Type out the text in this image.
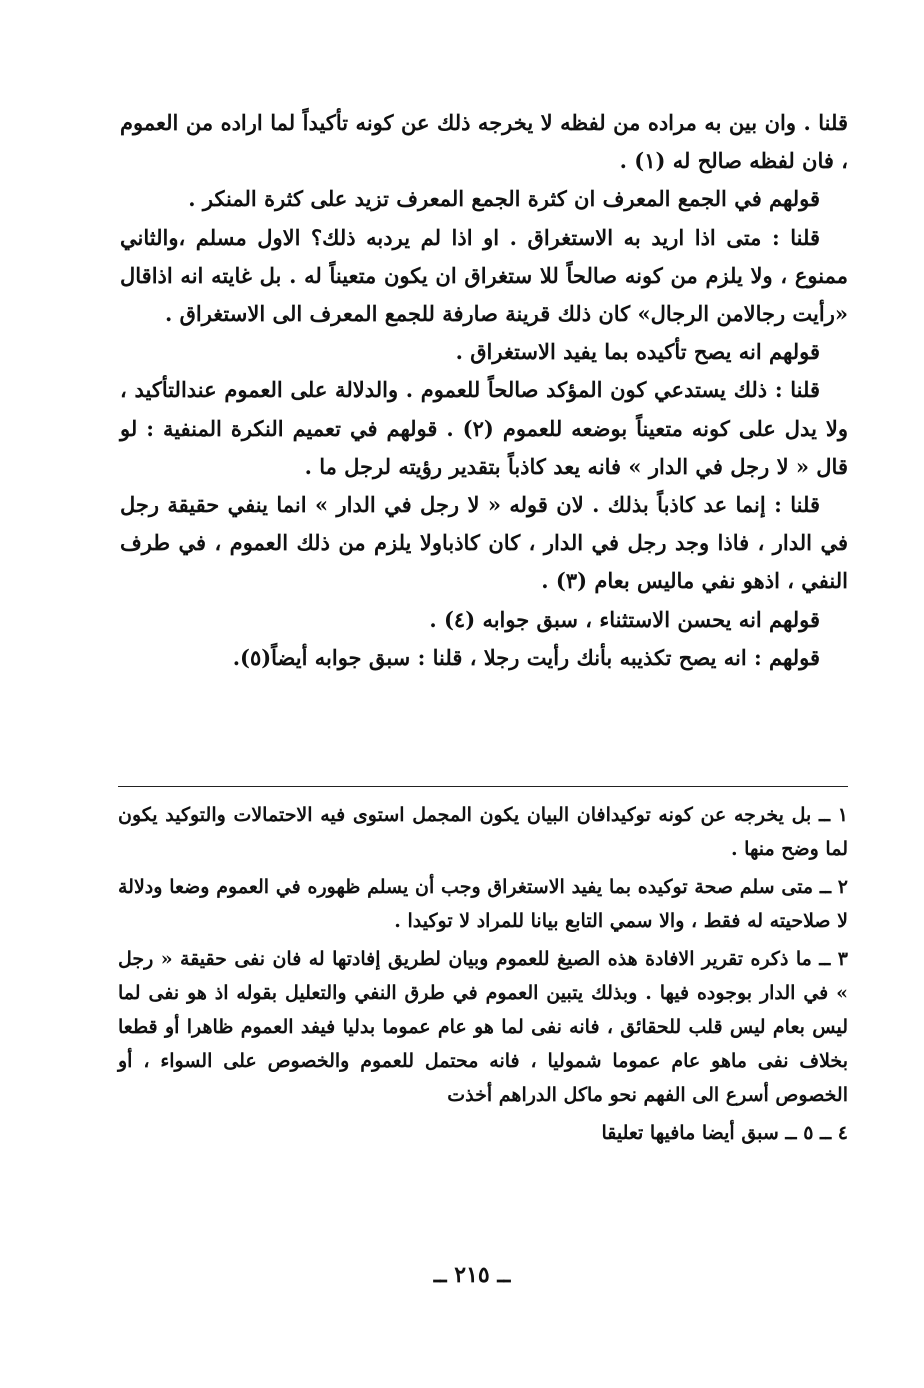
قلنا . وان بين به مراده من لفظه لا يخرجه ذلك عن كونه تأكيداً لما اراده من العموم ، فان لفظه صالح له (١) .

قولهم في الجمع المعرف ان كثرة الجمع المعرف تزيد على كثرة المنكر .

قلنا : متى اذا اريد به الاستغراق . او اذا لم يردبه ذلك؟ الاول مسلم ،والثاني ممنوع ، ولا يلزم من كونه صالحاً للا ستغراق ان يكون متعيناً له . بل غايته انه اذاقال «رأيت رجالامن الرجال» كان ذلك قرينة صارفة للجمع المعرف الى الاستغراق .

قولهم انه يصح تأكيده بما يفيد الاستغراق .

قلنا : ذلك يستدعي كون المؤكد صالحاً للعموم . والدلالة على العموم عندالتأكيد ، ولا يدل على كونه متعيناً بوضعه للعموم (٢) . قولهم في تعميم النكرة المنفية : لو قال « لا رجل في الدار » فانه يعد كاذباً بتقدير رؤيته لرجل ما .

قلنا : إنما عد كاذباً بذلك . لان قوله « لا رجل في الدار » انما ينفي حقيقة رجل في الدار ، فاذا وجد رجل في الدار ، كان كاذباولا يلزم من ذلك العموم ، في طرف النفي ، اذهو نفي ماليس بعام (٣) .

قولهم انه يحسن الاستثناء ، سبق جوابه (٤) .

قولهم : انه يصح تكذيبه بأنك رأيت رجلا ، قلنا : سبق جوابه أيضاً(٥).

١ ــ بل يخرجه عن كونه توكيدافان البيان يكون المجمل استوى فيه الاحتمالات والتوكيد يكون لما وضح منها .

٢ ــ متى سلم صحة توكيده بما يفيد الاستغراق وجب أن يسلم ظهوره في العموم وضعا ودلالة لا صلاحيته له فقط ، والا سمي التابع بيانا للمراد لا توكيدا .

٣ ــ ما ذكره تقرير الافادة هذه الصيغ للعموم وبيان لطريق إفادتها له فان نفى حقيقة « رجل » في الدار بوجوده فيها . وبذلك يتبين العموم في طرق النفي والتعليل بقوله اذ هو نفى لما ليس بعام ليس قلب للحقائق ، فانه نفى لما هو عام عموما بدليا فيفد العموم ظاهرا أو قطعا بخلاف نفى ماهو عام عموما شموليا ، فانه محتمل للعموم والخصوص على السواء ، أو الخصوص أسرع الى الفهم نحو ماكل الدراهم أخذت

٤ ــ ٥ ــ سبق أيضا مافيها تعليقا

ــ ٢١٥ ــ
